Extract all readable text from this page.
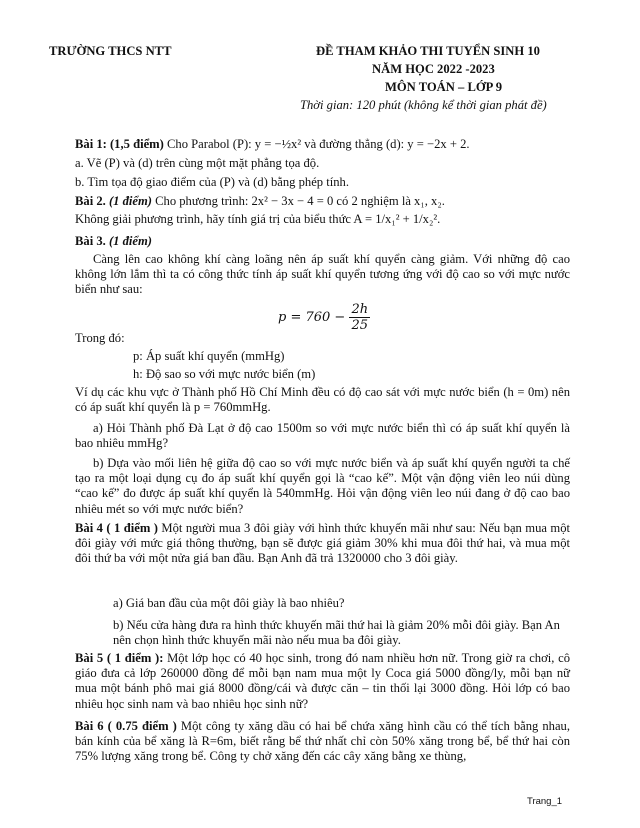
TRƯỜNG THCS NTT	ĐỀ THAM KHẢO THI TUYỂN SINH 10
NĂM HỌC 2022 -2023
MÔN TOÁN – LỚP 9
Thời gian: 120 phút (không kể thời gian phát đề)
Bài 1: (1,5 điểm) Cho Parabol (P): y = −½x² và đường thẳng (d): y = −2x + 2.
a. Vẽ (P) và (d) trên cùng một mặt phẳng tọa độ.
b. Tìm tọa độ giao điểm của (P) và (d) bằng phép tính.
Bài 2. (1 điểm) Cho phương trình: 2x² − 3x − 4 = 0 có 2 nghiệm là x₁, x₂.
Không giải phương trình, hãy tính giá trị của biểu thức A = 1/x₁² + 1/x₂².
Bài 3. (1 điểm)
Càng lên cao không khí càng loãng nên áp suất khí quyển càng giảm. Với những độ cao không lớn lắm thì ta có công thức tính áp suất khí quyển tương ứng với độ cao so với mực nước biển như sau:
$p = 760 - \frac{2h}{25}$
Trong đó:
p: Áp suất khí quyển (mmHg)
h: Độ sao so với mực nước biển (m)
Ví dụ các khu vực ở Thành phố Hồ Chí Minh đều có độ cao sát với mực nước biển (h = 0m) nên có áp suất khí quyển là p = 760mmHg.
a) Hỏi Thành phố Đà Lạt ở độ cao 1500m so với mực nước biển thì có áp suất khí quyển là bao nhiêu mmHg?
b) Dựa vào mối liên hệ giữa độ cao so với mực nước biển và áp suất khí quyển người ta chế tạo ra một loại dụng cụ đo áp suất khí quyển gọi là “cao kế”. Một vận động viên leo núi dùng “cao kế” đo được áp suất khí quyển là 540mmHg. Hỏi vận động viên leo núi đang ở độ cao bao nhiêu mét so với mực nước biển?
Bài 4 ( 1 điểm ) Một người mua 3 đôi giày với hình thức khuyến mãi như sau: Nếu bạn mua một đôi giày với mức giá thông thường, bạn sẽ được giá giảm 30% khi mua đôi thứ hai, và mua một đôi thứ ba với một nửa giá ban đầu. Bạn Anh đã trả 1320000 cho 3 đôi giày.
a) Giá ban đầu của một đôi giày là bao nhiêu?
b) Nếu cửa hàng đưa ra hình thức khuyến mãi thứ hai là giảm 20% mỗi đôi giày. Bạn An nên chọn hình thức khuyến mãi nào nếu mua ba đôi giày.
Bài 5 ( 1 điểm ): Một lớp học có 40 học sinh, trong đó nam nhiều hơn nữ. Trong giờ ra chơi, cô giáo đưa cả lớp 260000 đồng để mỗi bạn nam mua một ly Coca giá 5000 đồng/ly, mỗi bạn nữ mua một bánh phô mai giá 8000 đồng/cái và được căn – tin thối lại 3000 đồng. Hỏi lớp có bao nhiêu học sinh nam và bao nhiêu học sinh nữ?
Bài 6 ( 0.75 điểm ) Một công ty xăng dầu có hai bể chứa xăng hình cầu có thể tích bằng nhau, bán kính của bể xăng là R=6m, biết rằng bể thứ nhất chỉ còn 50% xăng trong bể, bể thứ hai còn 75% lượng xăng trong bể. Công ty chở xăng đến các cây xăng bằng xe thùng,
Trang_1
